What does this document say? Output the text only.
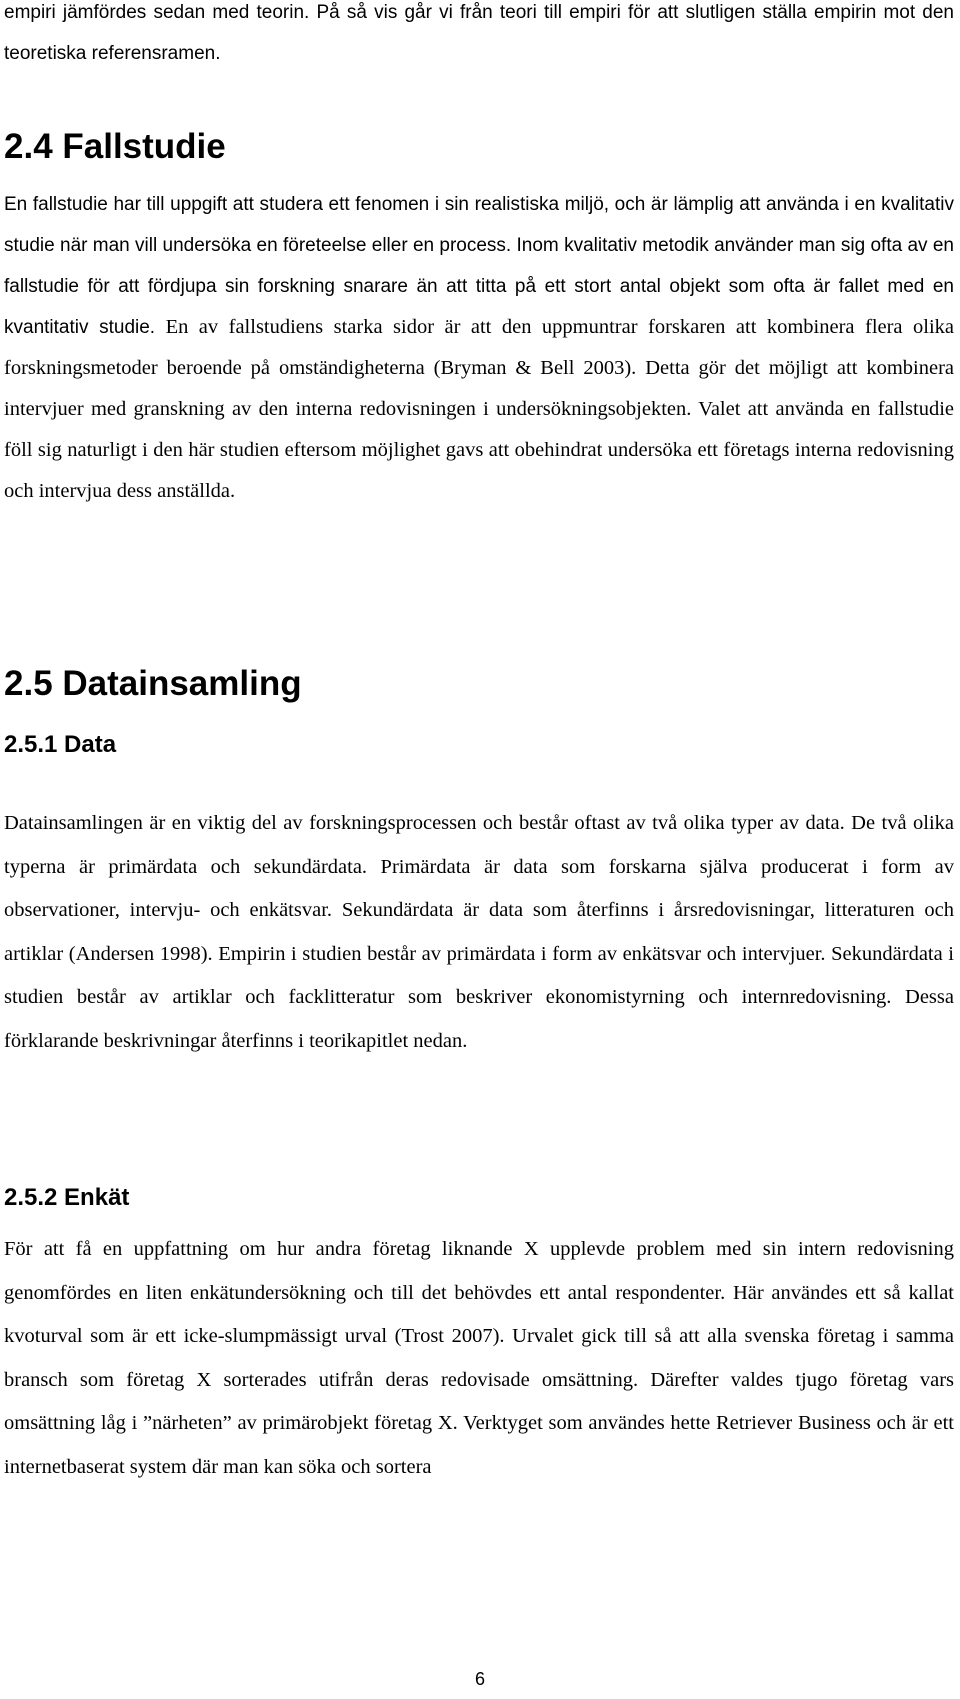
empiri jämfördes sedan med teorin. På så vis går vi från teori till empiri för att slutligen ställa empirin mot den teoretiska referensramen.

2.4 Fallstudie

En fallstudie har till uppgift att studera ett fenomen i sin realistiska miljö, och är lämplig att använda i en kvalitativ studie när man vill undersöka en företeelse eller en process. Inom kvalitativ metodik använder man sig ofta av en fallstudie för att fördjupa sin forskning snarare än att titta på ett stort antal objekt som ofta är fallet med en kvantitativ studie. En av fallstudiens starka sidor är att den uppmuntrar forskaren att kombinera flera olika forskningsmetoder beroende på omständigheterna (Bryman & Bell 2003). Detta gör det möjligt att kombinera intervjuer med granskning av den interna redovisningen i undersökningsobjekten. Valet att använda en fallstudie föll sig naturligt i den här studien eftersom möjlighet gavs att obehindrat undersöka ett företags interna redovisning och intervjua dess anställda.

2.5 Datainsamling
2.5.1 Data

Datainsamlingen är en viktig del av forskningsprocessen och består oftast av två olika typer av data. De två olika typerna är primärdata och sekundärdata. Primärdata är data som forskarna själva producerat i form av observationer, intervju- och enkätsvar. Sekundärdata är data som återfinns i årsredovisningar, litteraturen och artiklar (Andersen 1998). Empirin i studien består av primärdata i form av enkätsvar och intervjuer. Sekundärdata i studien består av artiklar och facklitteratur som beskriver ekonomistyrning och internredovisning. Dessa förklarande beskrivningar återfinns i teorikapitlet nedan.

2.5.2 Enkät

För att få en uppfattning om hur andra företag liknande X upplevde problem med sin intern redovisning genomfördes en liten enkätundersökning och till det behövdes ett antal respondenter. Här användes ett så kallat kvoturval som är ett icke-slumpmässigt urval (Trost 2007). Urvalet gick till så att alla svenska företag i samma bransch som företag X sorterades utifrån deras redovisade omsättning. Därefter valdes tjugo företag vars omsättning låg i ”närheten” av primärobjekt företag X. Verktyget som användes hette Retriever Business och är ett internetbaserat system där man kan söka och sortera

6
